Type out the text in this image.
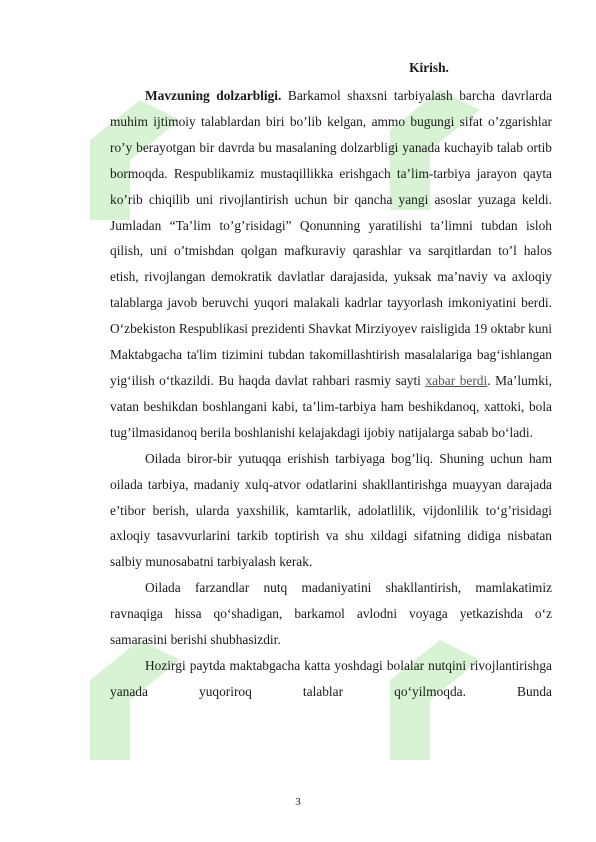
Kirish.

Mavzuning dolzarbligi. Barkamol shaxsni tarbiyalash barcha davrlarda muhim ijtimoiy talablardan biri bo’lib kelgan, ammo bugungi sifat o’zgarishlar ro’y berayotgan bir davrda bu masalaning dolzarbligi yanada kuchayib talab ortib bormoqda. Respublikamiz mustaqillikka erishgach ta’lim-tarbiya jarayon qayta ko’rib chiqilib uni rivojlantirish uchun bir qancha yangi asoslar yuzaga keldi. Jumladan “Ta’lim to’g’risidagi” Qonunning yaratilishi ta’limni tubdan isloh qilish, uni o’tmishdan qolgan mafkuraviy qarashlar va sarqitlardan to’l halos etish, rivojlangan demokratik davlatlar darajasida, yuksak ma’naviy va axloqiy talablarga javob beruvchi yuqori malakali kadrlar tayyorlash imkoniyatini berdi. O‘zbekiston Respublikasi prezidenti Shavkat Mirziyoyev raisligida 19 oktabr kuni Maktabgacha ta'lim tizimini tubdan takomillashtirish masalalariga bag‘ishlangan yig‘ilish o‘tkazildi. Bu haqda davlat rahbari rasmiy sayti xabar berdi. Ma’lumki, vatan beshikdan boshlangani kabi, ta’lim-tarbiya ham beshikdanoq, xattoki, bola tug’ilmasidanoq berila boshlanishi kelajakdagi ijobiy natijalarga sabab bo‘ladi.

Oilada biror-bir yutuqqa erishish tarbiyaga bog’liq. Shuning uchun ham oilada tarbiya, madaniy xulq-atvor odatlarini shakllantirishga muayyan darajada e’tibor berish, ularda yaxshilik, kamtarlik, adolatlilik, vijdonlilik to‘g’risidagi axloqiy tasavvurlarini tarkib toptirish va shu xildagi sifatning didiga nisbatan salbiy munosabatni tarbiyalash kerak.

Oilada farzandlar nutq madaniyatini shakllantirish, mamlakatimiz ravnaqiga hissa qo‘shadigan, barkamol avlodni voyaga yetkazishda o‘z samarasini berishi shubhasizdir.

Hozirgi paytda maktabgacha katta yoshdagi bolalar nutqini rivojlantirishga yanada yuqoriroq talablar qo‘yilmoqda. Bunda

3
